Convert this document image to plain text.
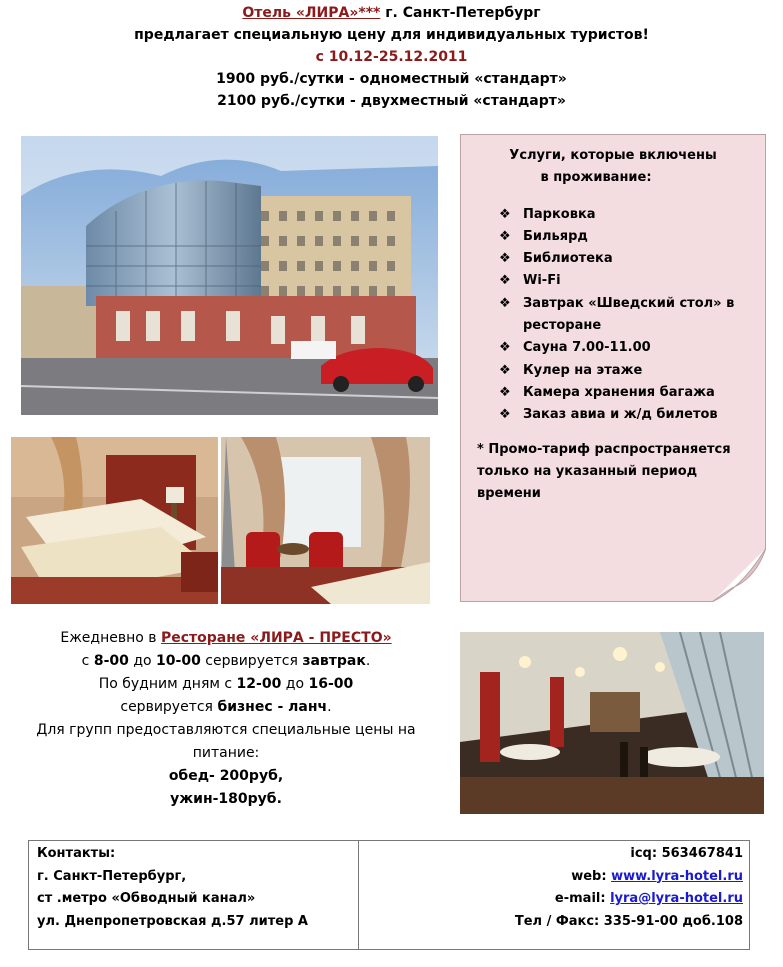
Отель «ЛИРА»*** г. Санкт-Петербург
предлагает специальную цену для индивидуальных туристов!
с 10.12-25.12.2011
1900 руб./сутки - одноместный «стандарт»
2100 руб./сутки - двухместный «стандарт»
Услуги, которые включены
в проживание:
❖ Парковка
❖ Бильярд
❖ Библиотека
❖ Wi-Fi
❖ Завтрак «Шведский стол» в ресторане
❖ Сауна 7.00-11.00
❖ Кулер на этаже
❖ Камера хранения багажа
❖ Заказ авиа и ж/д билетов
* Промо-тариф распространяется только на указанный период времени
Ежедневно в Ресторане «ЛИРА - ПРЕСТО»
с 8-00 до 10-00 сервируется завтрак.
По будним дням с 12-00 до 16-00
сервируется бизнес - ланч.
Для групп предоставляются специальные цены на питание:
обед- 200руб,
ужин-180руб.
Контакты:
г. Санкт-Петербург,
ст .метро «Обводный канал»
ул. Днепропетровская д.57 литер А
icq: 563467841
web: www.lyra-hotel.ru
e-mail: lyra@lyra-hotel.ru
Тел / Факс: 335-91-00 доб.108
